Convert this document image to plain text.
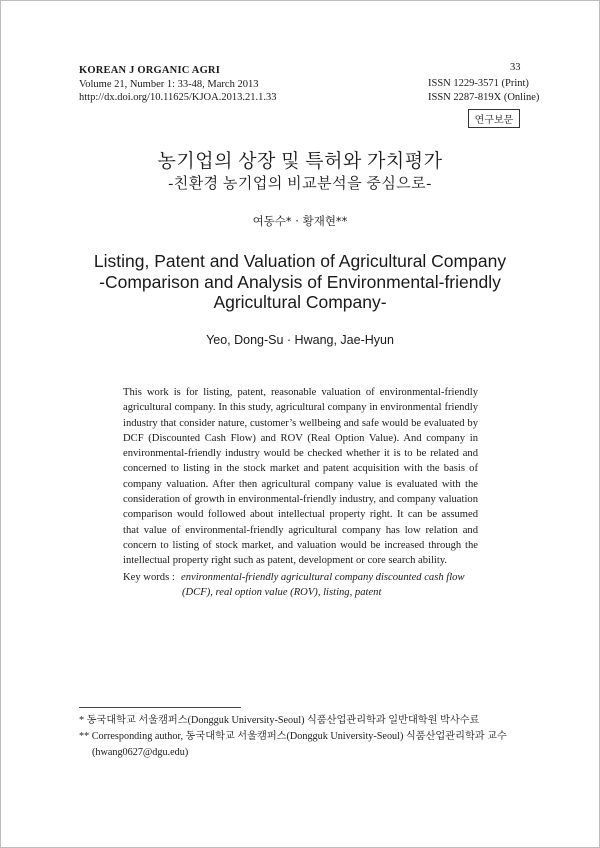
KOREAN J ORGANIC AGRI
Volume 21, Number 1: 33-48, March 2013
http://dx.doi.org/10.11625/KJOA.2013.21.1.33
33
ISSN 1229-3571 (Print)
ISSN 2287-819X (Online)
연구보문
농기업의 상장 및 특허와 가치평가
-친환경 농기업의 비교분석을 중심으로-
여동수* · 황재현**
Listing, Patent and Valuation of Agricultural Company
-Comparison and Analysis of Environmental-friendly
Agricultural Company-
Yeo, Dong-Su · Hwang, Jae-Hyun

This work is for listing, patent, reasonable valuation of environmental-friendly agricultural company. In this study, agricultural company in environmental friendly industry that consider nature, customer’s wellbeing and safe would be evaluated by DCF (Discounted Cash Flow) and ROV (Real Option Value). And company in environmental-friendly industry would be checked whether it is to be related and concerned to listing in the stock market and patent acquisition with the basis of company valuation. After then agricultural company value is evaluated with the consideration of growth in environmental-friendly industry, and company valuation comparison would followed about intellectual property right. It can be assumed that value of environmental-friendly agricultural company has low relation and concern to listing of stock market, and valuation would be increased through the intellectual property right such as patent, development or core search ability.

Key words : environmental-friendly agricultural company discounted cash flow
(DCF), real option value (ROV), listing, patent
* 동국대학교 서울캠퍼스(Dongguk University-Seoul) 식품산업관리학과 일반대학원 박사수료
** Corresponding author, 동국대학교 서울캠퍼스(Dongguk University-Seoul) 식품산업관리학과 교수
(hwang0627@dgu.edu)
